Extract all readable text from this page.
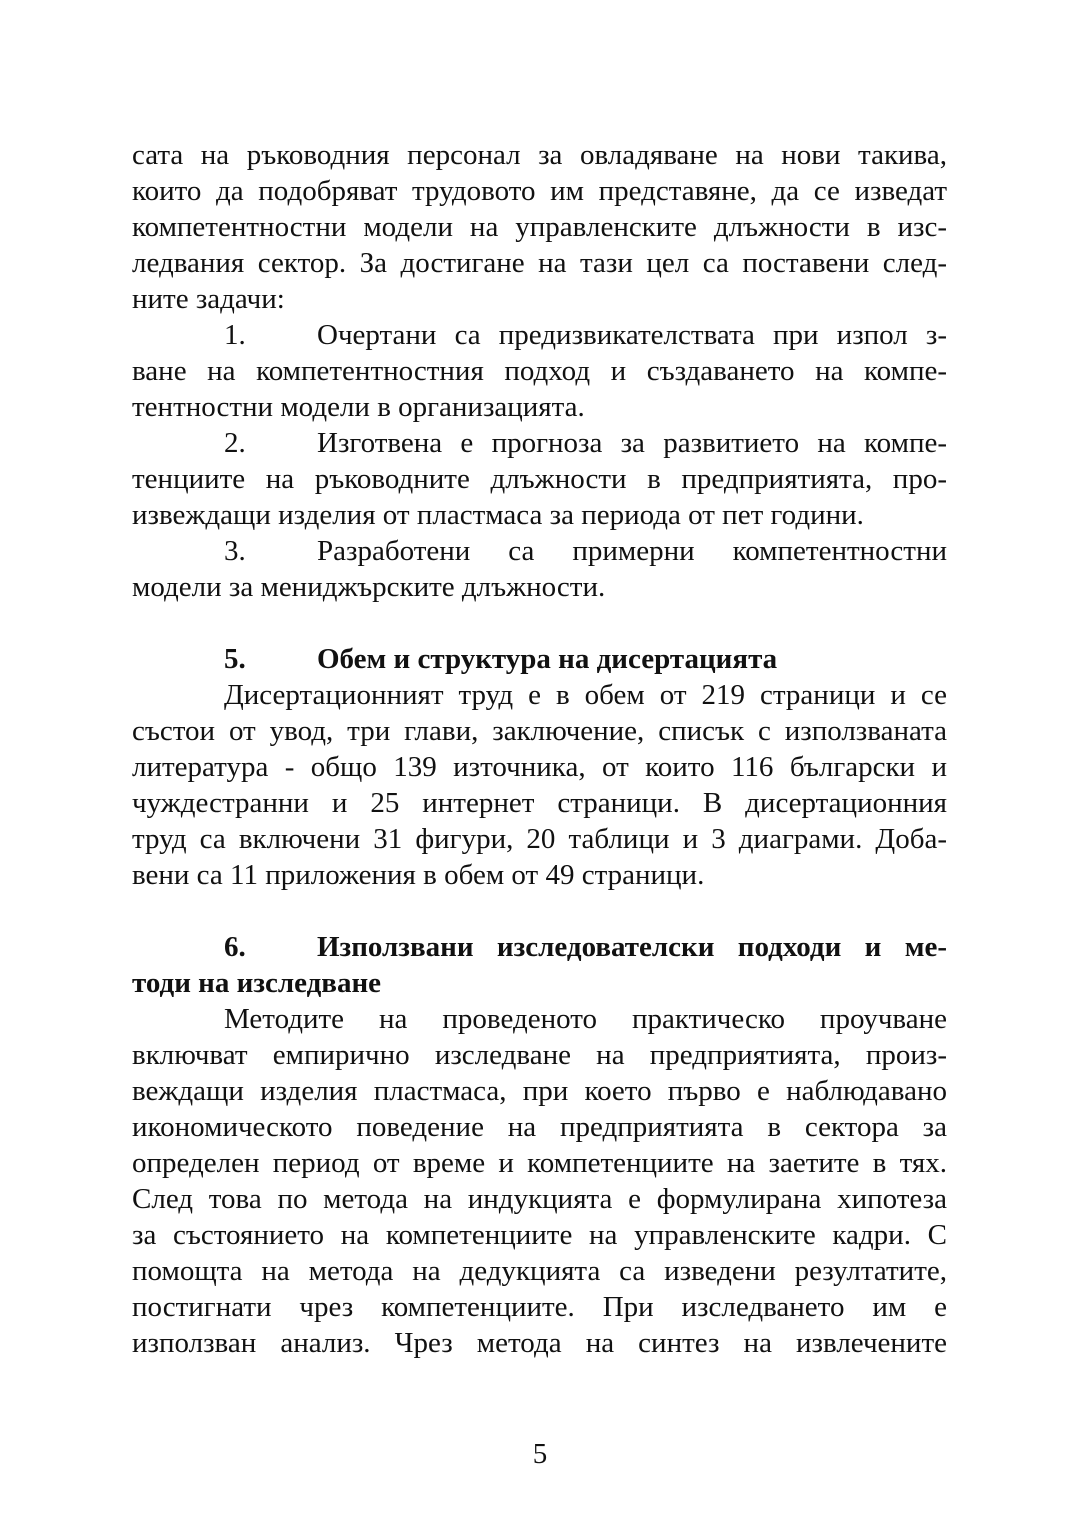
сата на ръководния персонал за овладяване на нови такива,
които да подобряват трудовото им представяне, да се изведат
компетентностни модели на управленските длъжности в изс-
ледвания сектор. За достигане на тази цел са поставени след-
ните задачи:
1. Очертани са предизвикателствата при изпол з-
ване на компетентностния подход и създаването на компе-
тентностни модели в организацията.
2. Изготвена е прогноза за развитието на компе-
тенциите на ръководните длъжности в предприятията, про-
извеждащи изделия от пластмаса за периода от пет години.
3. Разработени са примерни компетентностни
модели за мениджърските длъжности.
5. Обем и структура на дисертацията
Дисертационният труд е в обем от 219 страници и се
състои от увод, три глави, заключение, списък с използваната
литература - общо 139 източника, от които 116 български и
чуждестранни и 25 интернет страници. В дисертационния
труд са включени 31 фигури, 20 таблици и 3 диаграми. Доба-
вени са 11 приложения в обем от 49 страници.
6. Използвани изследователски подходи и ме-
тоди на изследване
Методите на проведеното практическо проучване
включват емпирично изследване на предприятията, произ-
веждащи изделия пластмаса, при което първо е наблюдавано
икономическото поведение на предприятията в сектора за
определен период от време и компетенциите на заетите в тях.
След това по метода на индукцията е формулирана хипотеза
за състоянието на компетенциите на управленските кадри. С
помощта на метода на дедукцията са изведени резултатите,
постигнати чрез компетенциите. При изследването им е
използван анализ. Чрез метода на синтез на извлечените
5
